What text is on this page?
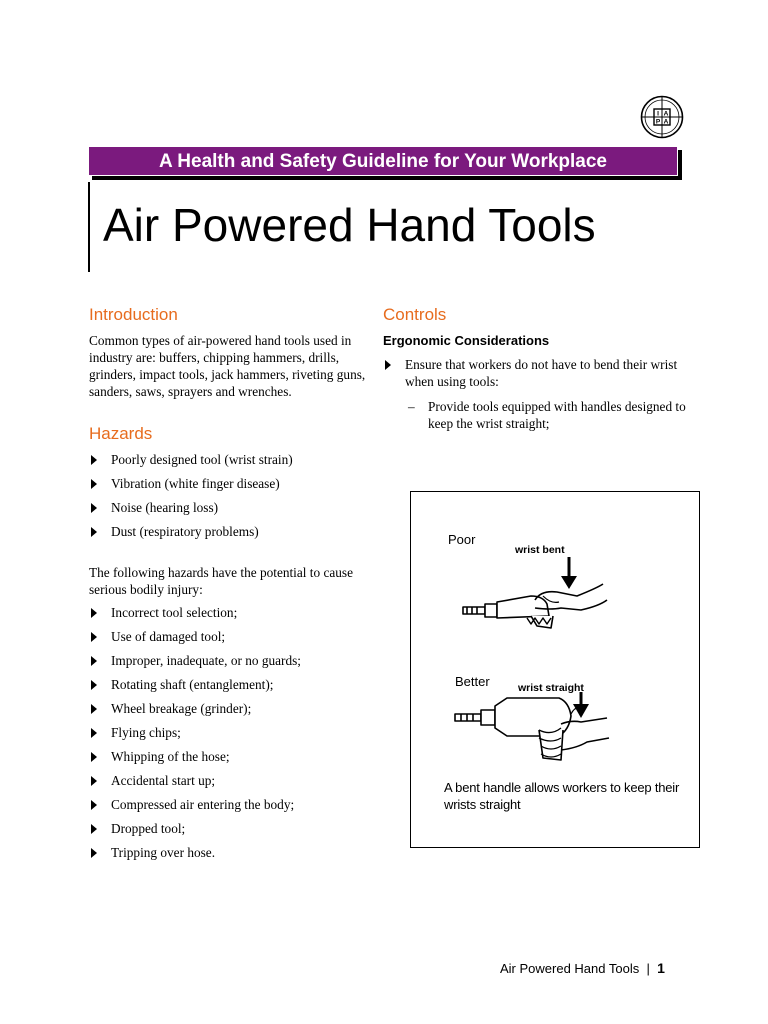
I A
P A
A Health and Safety Guideline for Your Workplace
Air Powered Hand Tools
Introduction

Common types of air-powered hand tools used in industry are: buffers, chipping hammers, drills, grinders, impact tools, jack hammers, riveting guns, sanders, saws, sprayers and wrenches.

Hazards
Poorly designed tool (wrist strain)
Vibration (white finger disease)
Noise (hearing loss)
Dust (respiratory problems)

The following hazards have the potential to cause serious bodily injury:

Incorrect tool selection;
Use of damaged tool;
Improper, inadequate, or no guards;
Rotating shaft (entanglement);
Wheel breakage (grinder);
Flying chips;
Whipping of the hose;
Accidental start up;
Compressed air entering the body;
Dropped tool;
Tripping over hose.
Controls
Ergonomic Considerations
Ensure that workers do not have to bend their wrist when using tools:
–	Provide tools equipped with handles designed to keep the wrist straight;
Poor
wrist bent
Better	wrist straight
A bent handle allows workers to keep their wrists straight
Air Powered Hand Tools | 1
